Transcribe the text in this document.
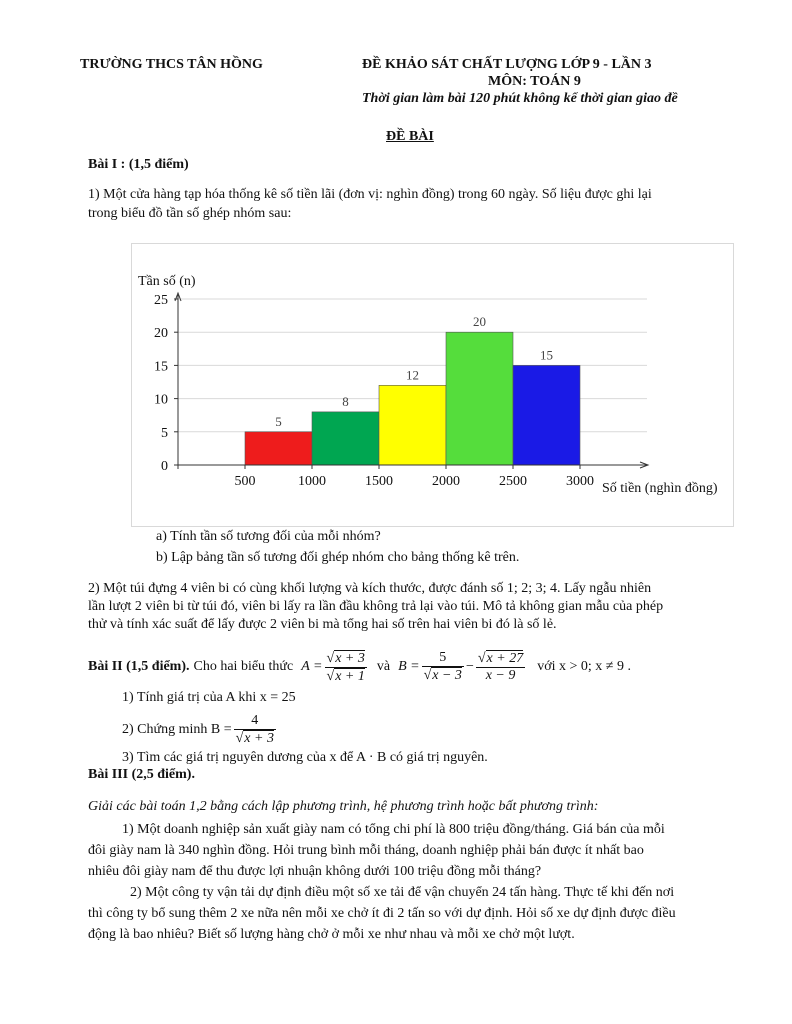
TRƯỜNG THCS TÂN HỒNG	ĐỀ KHẢO SÁT CHẤT LƯỢNG LỚP 9 - LẦN 3
MÔN: TOÁN 9
Thời gian làm bài 120 phút không kể thời gian giao đề
ĐỀ BÀI
Bài I : (1,5 điểm)
1) Một cửa hàng tạp hóa thống kê số tiền lãi (đơn vị: nghìn đồng) trong 60 ngày. Số liệu được ghi lại
trong biểu đồ tần số ghép nhóm sau:
5
8
12
20
15
0
5
10
15
20
25
500	1000	1500	2000	2500	3000
Tần số (n)
Số tiền (nghìn đồng)
a) Tính tần số tương đối của mỗi nhóm?
b) Lập bảng tần số tương đối ghép nhóm cho bảng thống kê trên.
2) Một túi đựng 4 viên bi có cùng khối lượng và kích thước, được đánh số 1; 2; 3; 4. Lấy ngẫu nhiên
lần lượt 2 viên bi từ túi đó, viên bi lấy ra lần đầu không trả lại vào túi. Mô tả không gian mẫu của phép
thử và tính xác suất để lấy được 2 viên bi mà tổng hai số trên hai viên bi đó là số lẻ.
Bài II (1,5 điểm). Cho hai biểu thức $A = \frac{√x + 3}{√x + 1}$ và $B = \frac{5}{√x - 3} - \frac{√x + 27}{x - 9}$ với x > 0; x ≠ 9 .
1) Tính giá trị của A khi x = 25
2) Chứng minh $B = \frac{4}{√x + 3}$
3) Tìm các giá trị nguyên dương của x để A · B có giá trị nguyên.
Bài III (2,5 điểm).
Giải các bài toán 1,2 bằng cách lập phương trình, hệ phương trình hoặc bất phương trình:
1) Một doanh nghiệp sản xuất giày nam có tổng chi phí là 800 triệu đồng/tháng. Giá bán của mỗi
đôi giày nam là 340 nghìn đồng. Hỏi trung bình mỗi tháng, doanh nghiệp phải bán được ít nhất bao
nhiêu đôi giày nam để thu được lợi nhuận không dưới 100 triệu đồng mỗi tháng?
2) Một công ty vận tải dự định điều một số xe tải để vận chuyển 24 tấn hàng. Thực tế khi đến nơi
thì công ty bổ sung thêm 2 xe nữa nên mỗi xe chở ít đi 2 tấn so với dự định. Hỏi số xe dự định được điều
động là bao nhiêu? Biết số lượng hàng chở ở mỗi xe như nhau và mỗi xe chở một lượt.
